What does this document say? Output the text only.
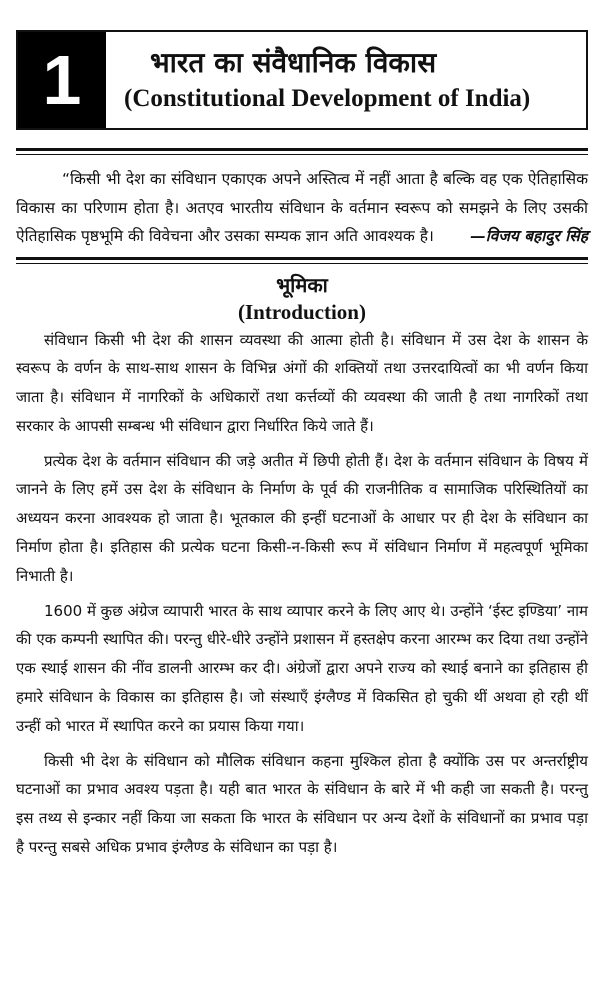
1	भारत का संवैधानिक विकास
(Constitutional Development of India)
“किसी भी देश का संविधान एकाएक अपने अस्तित्व में नहीं आता है बल्कि वह एक ऐतिहासिक विकास का परिणाम होता है। अतएव भारतीय संविधान के वर्तमान स्वरूप को समझने के लिए उसकी ऐतिहासिक पृष्ठभूमि की विवेचना और उसका सम्यक ज्ञान अति आवश्यक है।	—विजय बहादुर सिंह
भूमिका
(Introduction)

संविधान किसी भी देश की शासन व्यवस्था की आत्मा होती है। संविधान में उस देश के शासन के स्वरूप के वर्णन के साथ-साथ शासन के विभिन्न अंगों की शक्तियों तथा उत्तरदायित्वों का भी वर्णन किया जाता है। संविधान में नागरिकों के अधिकारों तथा कर्त्तव्यों की व्यवस्था की जाती है तथा नागरिकों तथा सरकार के आपसी सम्बन्ध भी संविधान द्वारा निर्धारित किये जाते हैं।

प्रत्येक देश के वर्तमान संविधान की जड़े अतीत में छिपी होती हैं। देश के वर्तमान संविधान के विषय में जानने के लिए हमें उस देश के संविधान के निर्माण के पूर्व की राजनीतिक व सामाजिक परिस्थितियों का अध्ययन करना आवश्यक हो जाता है। भूतकाल की इन्हीं घटनाओं के आधार पर ही देश के संविधान का निर्माण होता है। इतिहास की प्रत्येक घटना किसी-न-किसी रूप में संविधान निर्माण में महत्वपूर्ण भूमिका निभाती है।

1600 में कुछ अंग्रेज व्यापारी भारत के साथ व्यापार करने के लिए आए थे। उन्होंने ‘ईस्ट इण्डिया’ नाम की एक कम्पनी स्थापित की। परन्तु धीरे-धीरे उन्होंने प्रशासन में हस्तक्षेप करना आरम्भ कर दिया तथा उन्होंने एक स्थाई शासन की नींव डालनी आरम्भ कर दी। अंग्रेजों द्वारा अपने राज्य को स्थाई बनाने का इतिहास ही हमारे संविधान के विकास का इतिहास है। जो संस्थाएँ इंग्लैण्ड में विकसित हो चुकी थीं अथवा हो रही थीं उन्हीं को भारत में स्थापित करने का प्रयास किया गया।

किसी भी देश के संविधान को मौलिक संविधान कहना मुश्किल होता है क्योंकि उस पर अन्तर्राष्ट्रीय घटनाओं का प्रभाव अवश्य पड़ता है। यही बात भारत के संविधान के बारे में भी कही जा सकती है। परन्तु इस तथ्य से इन्कार नहीं किया जा सकता कि भारत के संविधान पर अन्य देशों के संविधानों का प्रभाव पड़ा है परन्तु सबसे अधिक प्रभाव इंग्लैण्ड के संविधान का पड़ा है।
